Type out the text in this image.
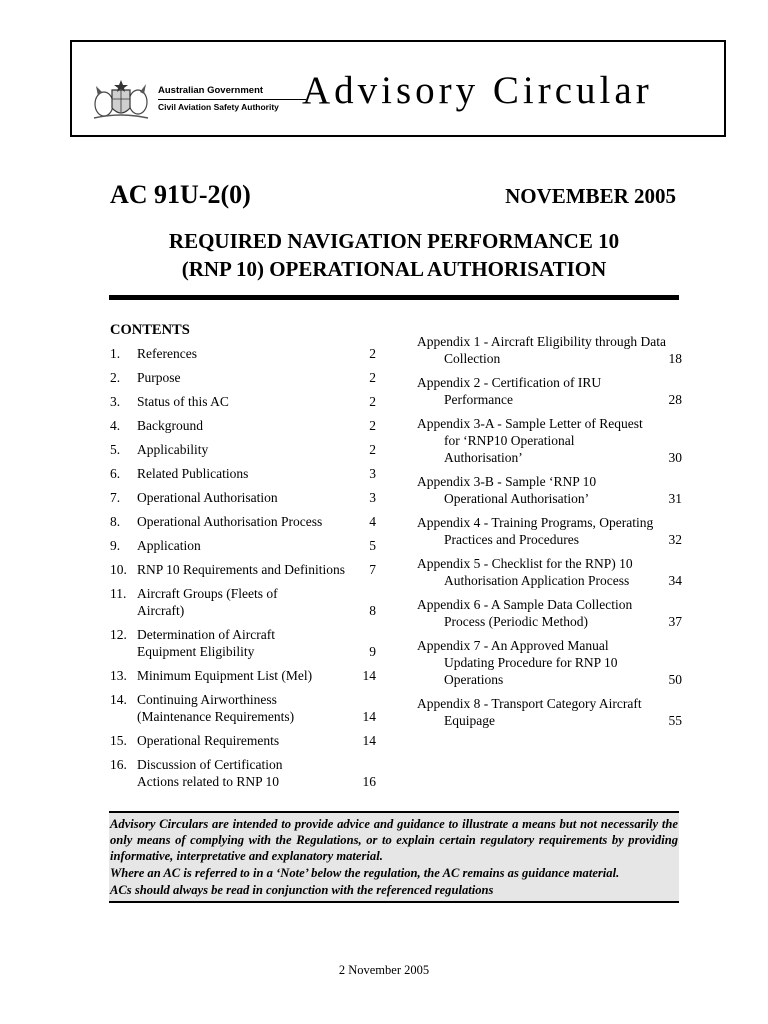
Australian Government
Civil Aviation Safety Authority Advisory Circular
AC 91U-2(0)	NOVEMBER 2005
REQUIRED NAVIGATION PERFORMANCE 10
(RNP 10) OPERATIONAL AUTHORISATION
CONTENTS
1.	References	2
2.	Purpose	2
3.	Status of this AC	2
4.	Background	2
5.	Applicability	2
6.	Related Publications	3
7.	Operational Authorisation	3
8.	Operational Authorisation Process	4
9.	Application	5
10. RNP 10 Requirements and Definitions	7
11. Aircraft Groups (Fleets of Aircraft)	8
12. Determination of Aircraft Equipment Eligibility	9
13. Minimum Equipment List (Mel)	14
14. Continuing Airworthiness (Maintenance Requirements)	14
15. Operational Requirements	14
16. Discussion of Certification Actions related to RNP 10	16
Appendix 1 - Aircraft Eligibility through Data Collection	18
Appendix 2 - Certification of IRU Performance	28
Appendix 3-A - Sample Letter of Request for ‘RNP10 Operational Authorisation’	30
Appendix 3-B - Sample ‘RNP 10 Operational Authorisation’	31
Appendix 4 - Training Programs, Operating Practices and Procedures	32
Appendix 5 - Checklist for the RNP) 10 Authorisation Application Process	34
Appendix 6 - A Sample Data Collection Process (Periodic Method)	37
Appendix 7 - An Approved Manual Updating Procedure for RNP 10 Operations	50
Appendix 8 - Transport Category Aircraft Equipage	55

Advisory Circulars are intended to provide advice and guidance to illustrate a means but not necessarily the only means of complying with the Regulations, or to explain certain regulatory requirements by providing informative, interpretative and explanatory material.

Where an AC is referred to in a ‘Note’ below the regulation, the AC remains as guidance material.

ACs should always be read in conjunction with the referenced regulations

2 November 2005
